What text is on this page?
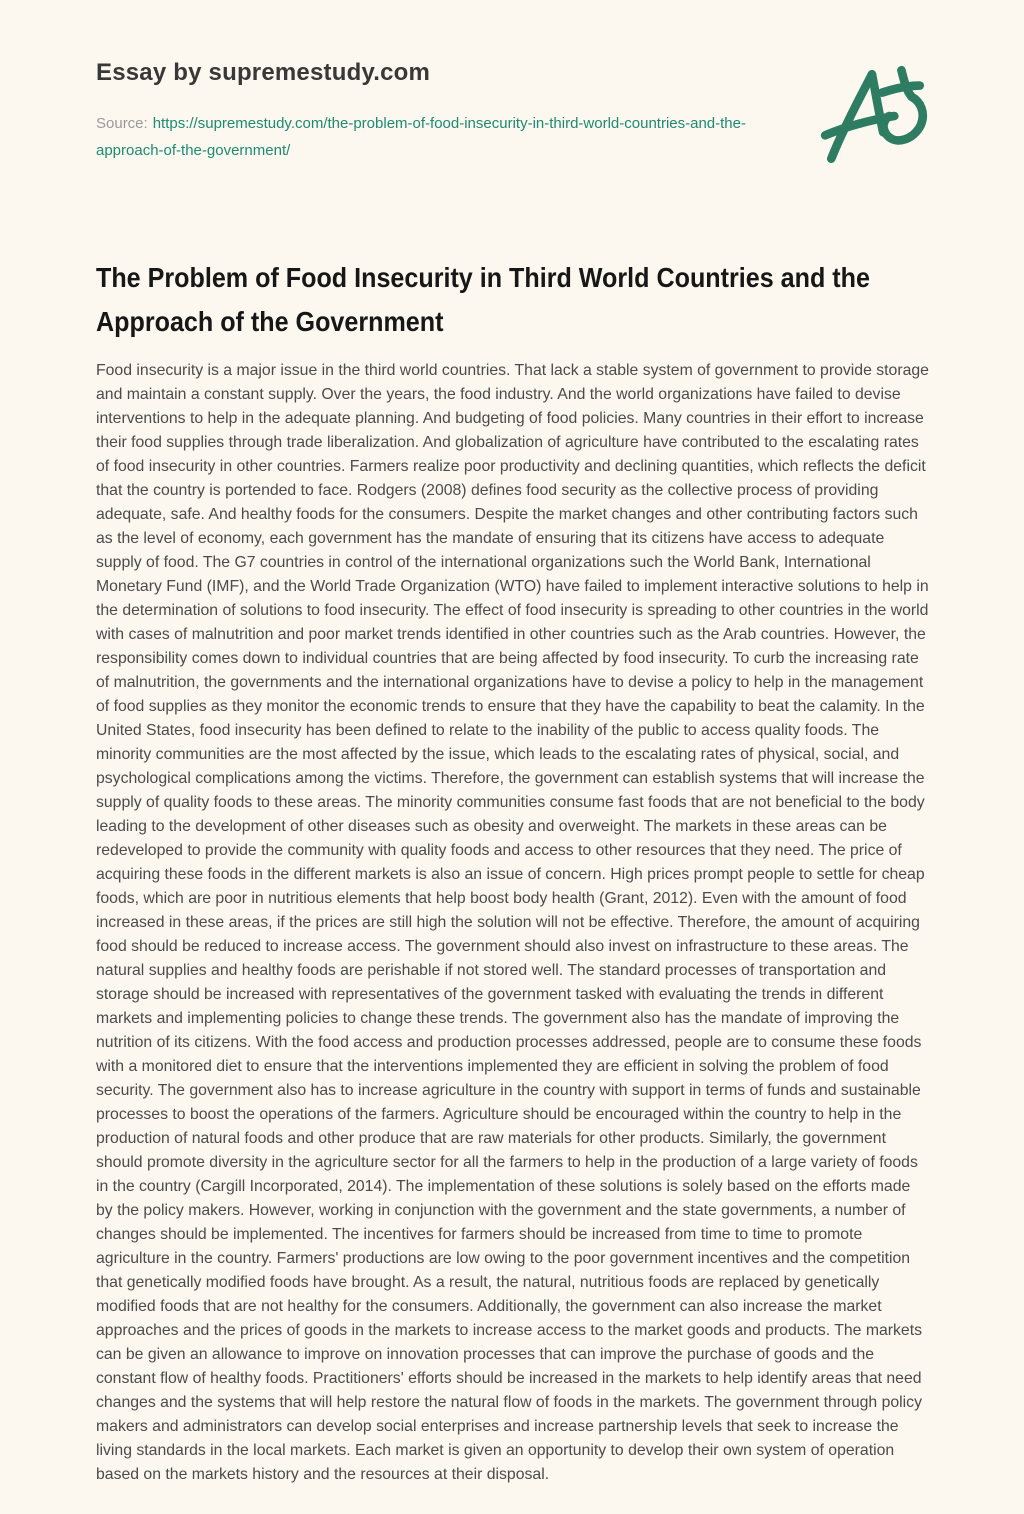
Essay by supremestudy.com

Source: https://supremestudy.com/the-problem-of-food-insecurity-in-third-world-countries-and-the-approach-of-the-government/

The Problem of Food Insecurity in Third World Countries and the Approach of the Government

Food insecurity is a major issue in the third world countries. That lack a stable system of government to provide storage and maintain a constant supply. Over the years, the food industry. And the world organizations have failed to devise interventions to help in the adequate planning. And budgeting of food policies. Many countries in their effort to increase their food supplies through trade liberalization. And globalization of agriculture have contributed to the escalating rates of food insecurity in other countries. Farmers realize poor productivity and declining quantities, which reflects the deficit that the country is portended to face. Rodgers (2008) defines food security as the collective process of providing adequate, safe. And healthy foods for the consumers. Despite the market changes and other contributing factors such as the level of economy, each government has the mandate of ensuring that its citizens have access to adequate supply of food. The G7 countries in control of the international organizations such the World Bank, International Monetary Fund (IMF), and the World Trade Organization (WTO) have failed to implement interactive solutions to help in the determination of solutions to food insecurity. The effect of food insecurity is spreading to other countries in the world with cases of malnutrition and poor market trends identified in other countries such as the Arab countries. However, the responsibility comes down to individual countries that are being affected by food insecurity. To curb the increasing rate of malnutrition, the governments and the international organizations have to devise a policy to help in the management of food supplies as they monitor the economic trends to ensure that they have the capability to beat the calamity. In the United States, food insecurity has been defined to relate to the inability of the public to access quality foods. The minority communities are the most affected by the issue, which leads to the escalating rates of physical, social, and psychological complications among the victims. Therefore, the government can establish systems that will increase the supply of quality foods to these areas. The minority communities consume fast foods that are not beneficial to the body leading to the development of other diseases such as obesity and overweight. The markets in these areas can be redeveloped to provide the community with quality foods and access to other resources that they need. The price of acquiring these foods in the different markets is also an issue of concern. High prices prompt people to settle for cheap foods, which are poor in nutritious elements that help boost body health (Grant, 2012). Even with the amount of food increased in these areas, if the prices are still high the solution will not be effective. Therefore, the amount of acquiring food should be reduced to increase access. The government should also invest on infrastructure to these areas. The natural supplies and healthy foods are perishable if not stored well. The standard processes of transportation and storage should be increased with representatives of the government tasked with evaluating the trends in different markets and implementing policies to change these trends. The government also has the mandate of improving the nutrition of its citizens. With the food access and production processes addressed, people are to consume these foods with a monitored diet to ensure that the interventions implemented they are efficient in solving the problem of food security. The government also has to increase agriculture in the country with support in terms of funds and sustainable processes to boost the operations of the farmers. Agriculture should be encouraged within the country to help in the production of natural foods and other produce that are raw materials for other products. Similarly, the government should promote diversity in the agriculture sector for all the farmers to help in the production of a large variety of foods in the country (Cargill Incorporated, 2014). The implementation of these solutions is solely based on the efforts made by the policy makers. However, working in conjunction with the government and the state governments, a number of changes should be implemented. The incentives for farmers should be increased from time to time to promote agriculture in the country. Farmers' productions are low owing to the poor government incentives and the competition that genetically modified foods have brought. As a result, the natural, nutritious foods are replaced by genetically modified foods that are not healthy for the consumers. Additionally, the government can also increase the market approaches and the prices of goods in the markets to increase access to the market goods and products. The markets can be given an allowance to improve on innovation processes that can improve the purchase of goods and the constant flow of healthy foods. Practitioners' efforts should be increased in the markets to help identify areas that need changes and the systems that will help restore the natural flow of foods in the markets. The government through policy makers and administrators can develop social enterprises and increase partnership levels that seek to increase the living standards in the local markets. Each market is given an opportunity to develop their own system of operation based on the markets history and the resources at their disposal.
